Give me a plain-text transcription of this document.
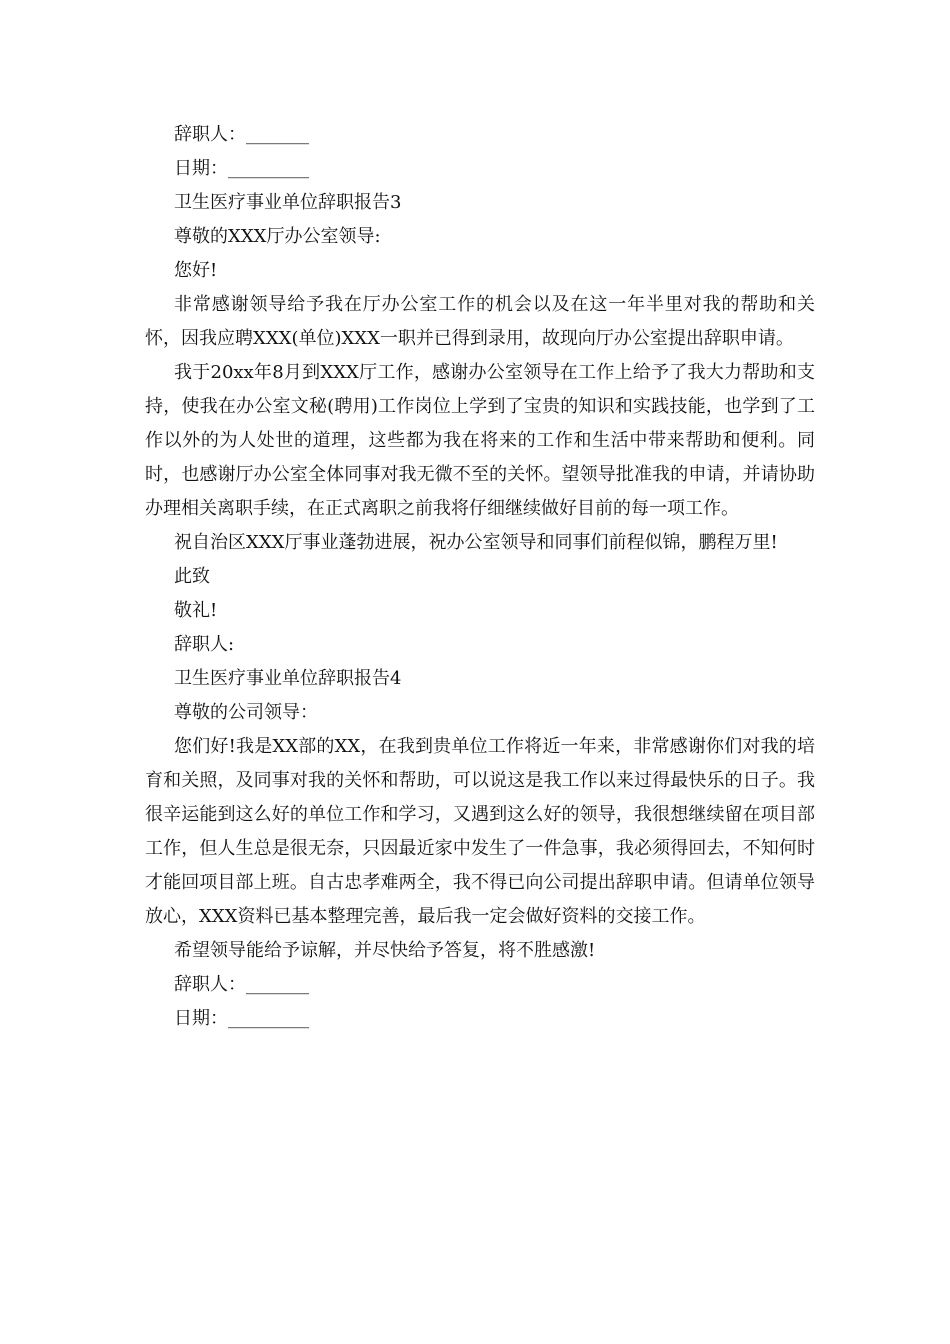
辞职人：_______
日期：_________
卫生医疗事业单位辞职报告3
尊敬的XXX厅办公室领导:
您好!
非常感谢领导给予我在厅办公室工作的机会以及在这一年半里对我的帮助和关怀，因我应聘XXX(单位)XXX一职并已得到录用，故现向厅办公室提出辞职申请。
我于20xx年8月到XXX厅工作，感谢办公室领导在工作上给予了我大力帮助和支持，使我在办公室文秘(聘用)工作岗位上学到了宝贵的知识和实践技能，也学到了工作以外的为人处世的道理，这些都为我在将来的工作和生活中带来帮助和便利。同时，也感谢厅办公室全体同事对我无微不至的关怀。望领导批准我的申请，并请协助办理相关离职手续，在正式离职之前我将仔细继续做好目前的每一项工作。
祝自治区XXX厅事业蓬勃进展，祝办公室领导和同事们前程似锦，鹏程万里!
此致
敬礼!
辞职人:
卫生医疗事业单位辞职报告4
尊敬的公司领导：
您们好!我是XX部的XX，在我到贵单位工作将近一年来，非常感谢你们对我的培育和关照，及同事对我的关怀和帮助，可以说这是我工作以来过得最快乐的日子。我很辛运能到这么好的单位工作和学习，又遇到这么好的领导，我很想继续留在项目部工作，但人生总是很无奈，只因最近家中发生了一件急事，我必须得回去，不知何时才能回项目部上班。自古忠孝难两全，我不得已向公司提出辞职申请。但请单位领导放心，XXX资料已基本整理完善，最后我一定会做好资料的交接工作。
希望领导能给予谅解，并尽快给予答复，将不胜感激!
辞职人：_______
日期：_________
